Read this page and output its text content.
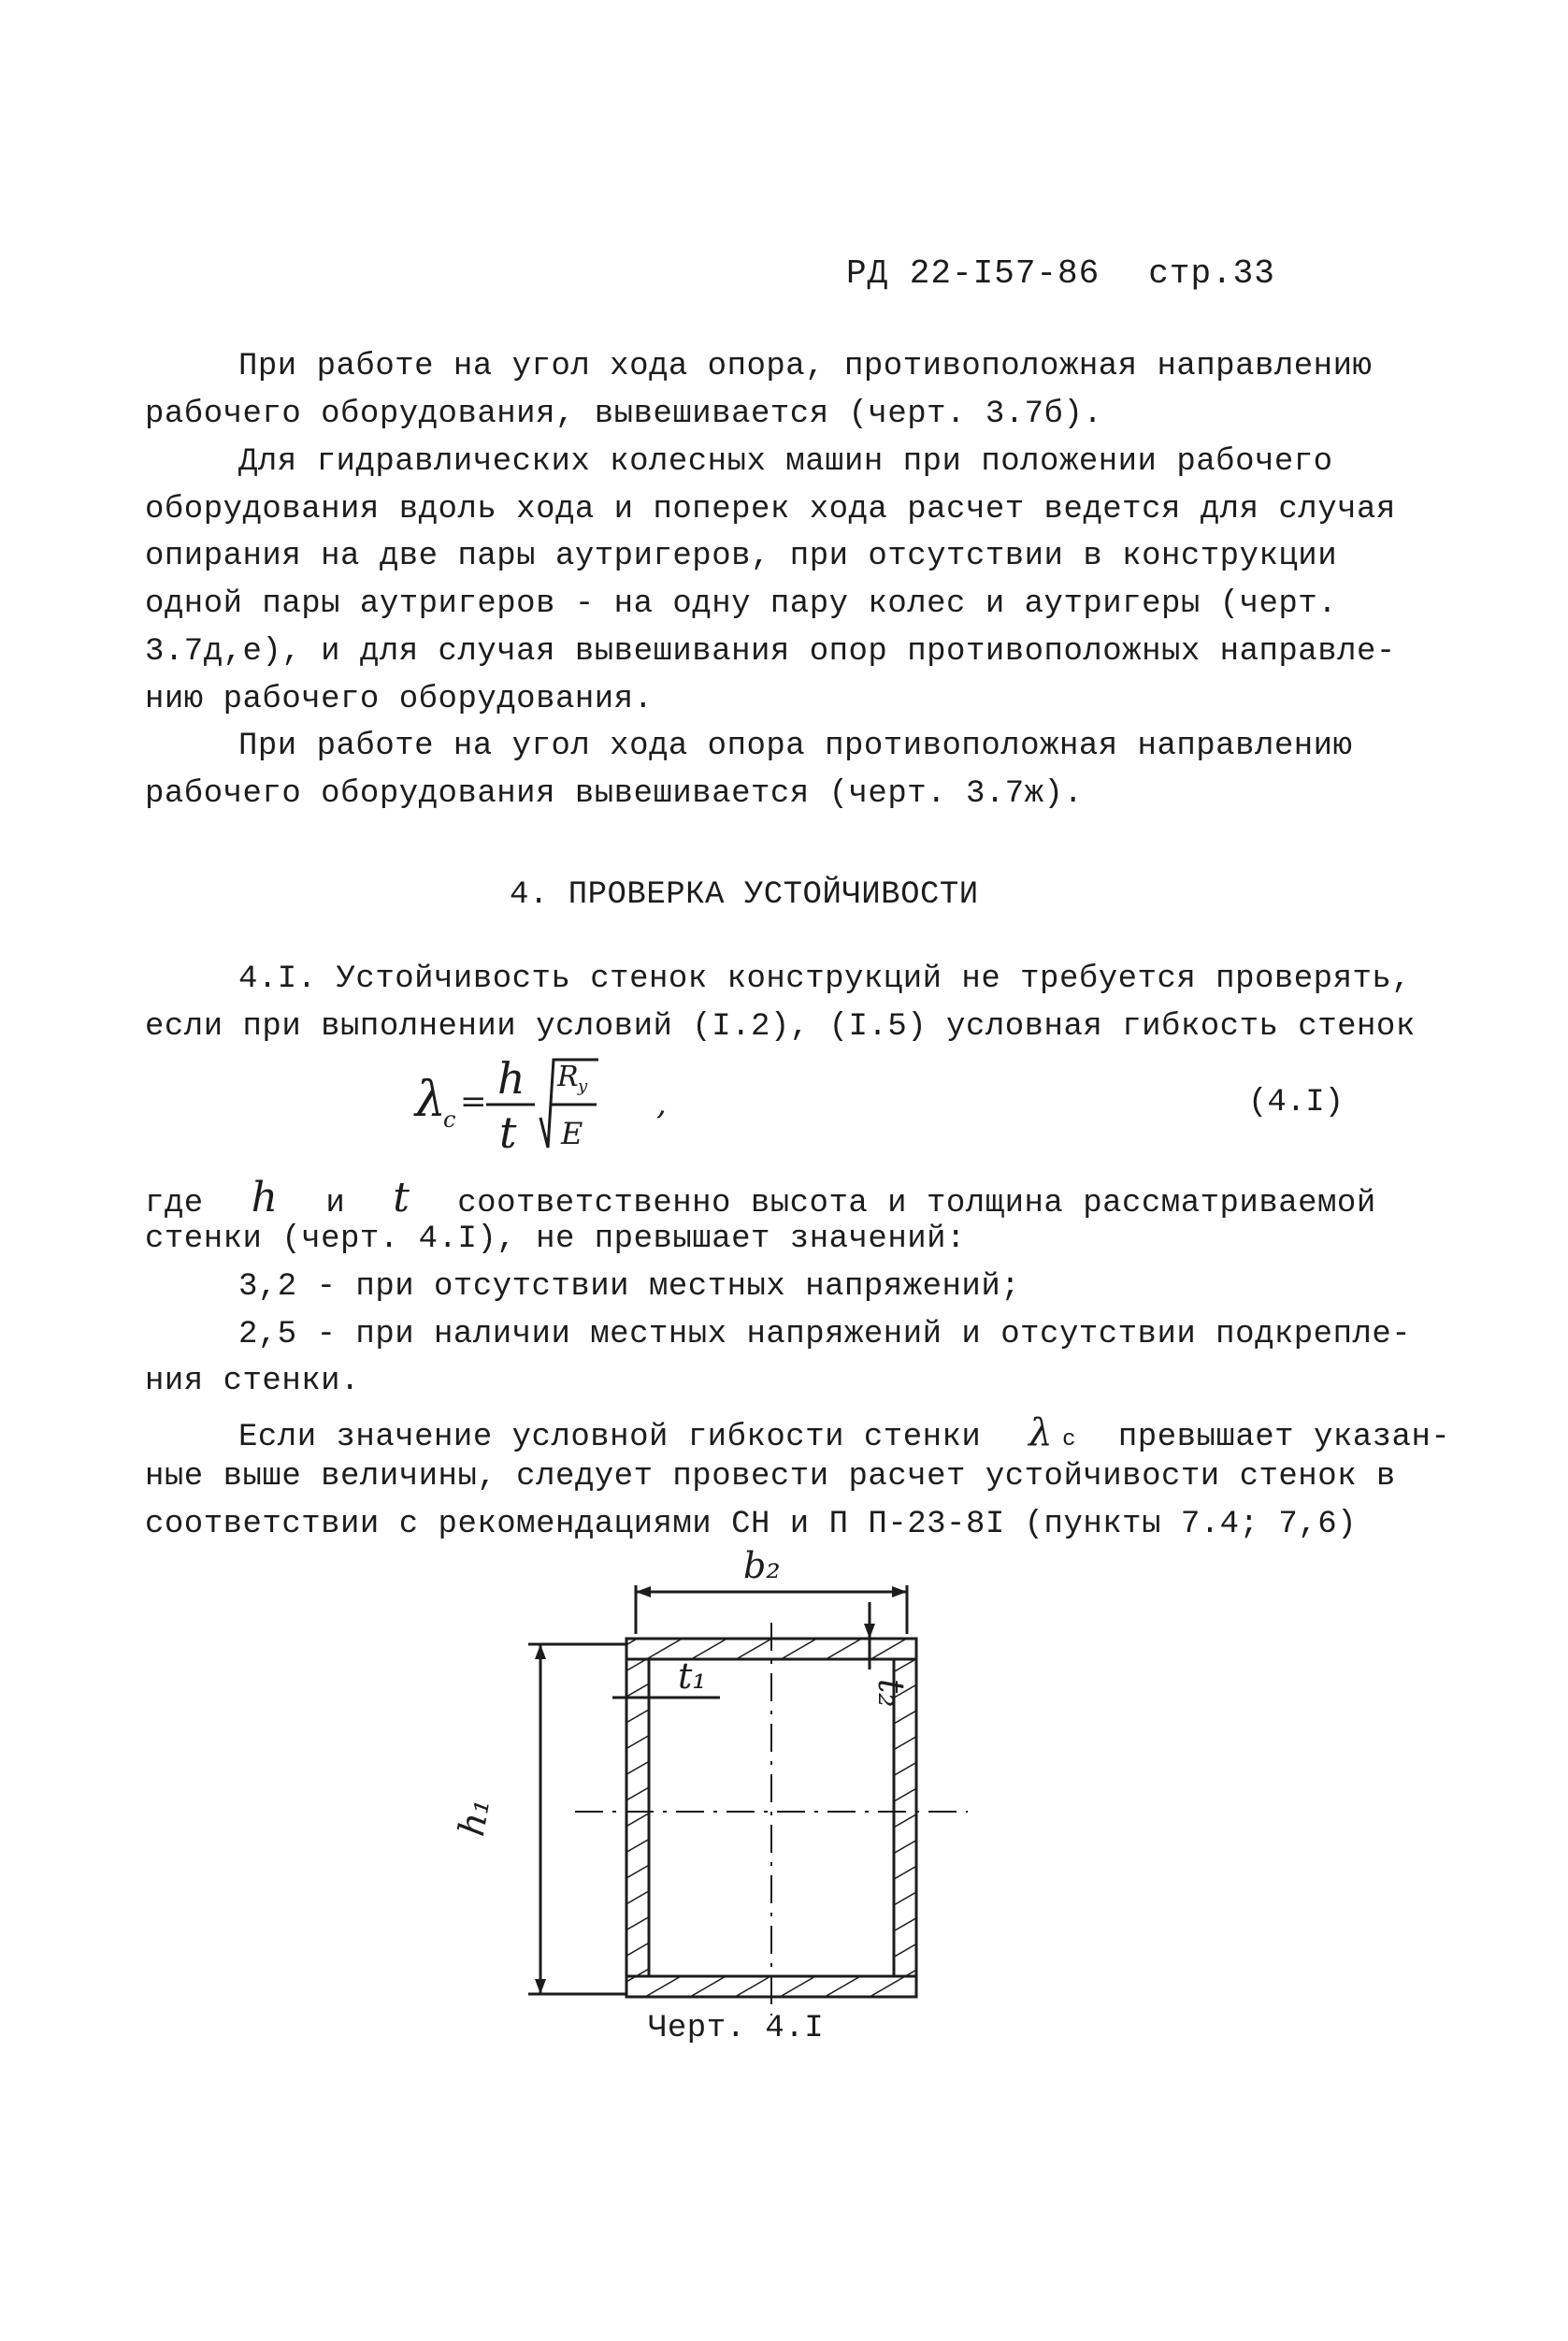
РД 22-I57-86 стр.33
При работе на угол хода опора, противоположная направлению
рабочего оборудования, вывешивается (черт. 3.7б).
Для гидравлических колесных машин при положении рабочего
оборудования вдоль хода и поперек хода расчет ведется для случая
опирания на две пары аутригеров, при отсутствии в конструкции
одной пары аутригеров - на одну пару колес и аутригеры (черт.
3.7д,е), и для случая вывешивания опор противоположных направле-
нию рабочего оборудования.
При работе на угол хода опора противоположная направлению
рабочего оборудования вывешивается (черт. 3.7ж).
4. ПРОВЕРКА УСТОЙЧИВОСТИ
4.I. Устойчивость стенок конструкций не требуется проверять,
если при выполнении условий (I.2), (I.5) условная гибкость стенок
λ
c = h
t
R y
E
,	(4.I)
где h и t соответственно высота и толщина рассматриваемой
стенки (черт. 4.I), не превышает значений:
3,2 - при отсутствии местных напряжений;
2,5 - при наличии местных напряжений и отсутствии подкрепле-
ния стенки.
Если значение условной гибкости стенки λ c превышает указан-
ные выше величины, следует провести расчет устойчивости стенок в
соответствии с рекомендациями СН и П П-23-8I (пункты 7.4; 7,6)
b₂
t₁	t₂
h₁
Черт. 4.I
